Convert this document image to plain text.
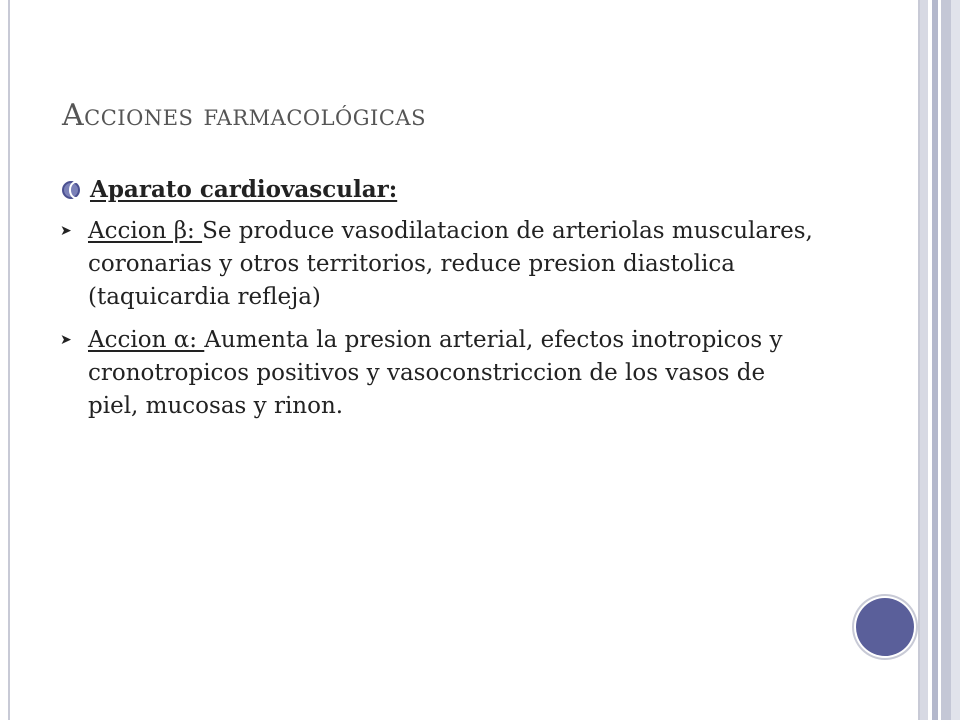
Acciones farmacológicas
Aparato cardiovascular:
➤ Accion β: Se produce vasodilatacion de arteriolas musculares, coronarias y otros territorios, reduce presion diastolica (taquicardia refleja)
➤ Accion α: Aumenta la presion arterial, efectos inotropicos y cronotropicos positivos y vasoconstriccion de los vasos de piel, mucosas y rinon.
